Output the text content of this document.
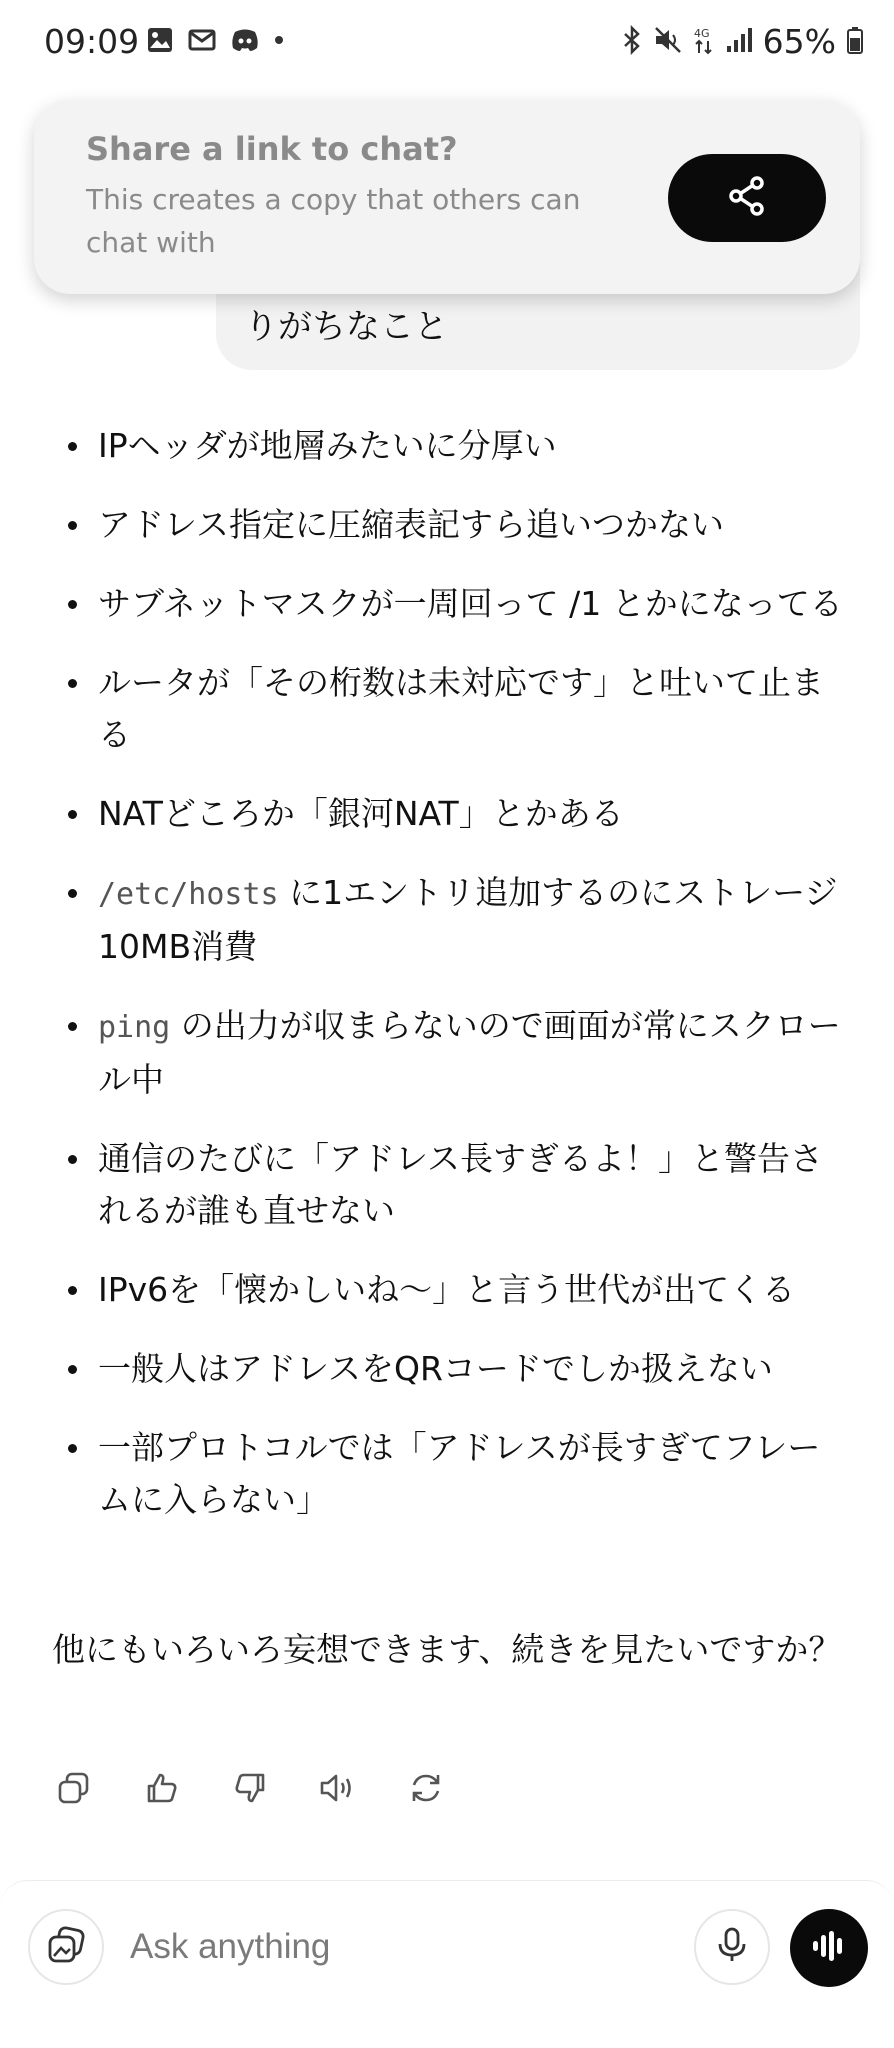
09:09	4G 65%
りがちなこと
Share a link to chat?
This creates a copy that others can chat with
IPヘッダが地層みたいに分厚い
アドレス指定に圧縮表記すら追いつかない
サブネットマスクが一周回って /1 とかになってる
ルータが「その桁数は未対応です」と吐いて止まる
NATどころか「銀河NAT」とかある
/etc/hosts に1エントリ追加するのにストレージ10MB消費
ping の出力が収まらないので画面が常にスクロール中
通信のたびに「アドレス長すぎるよ！」と警告されるが誰も直せない
IPv6を「懐かしいね〜」と言う世代が出てくる
一般人はアドレスをQRコードでしか扱えない
一部プロトコルでは「アドレスが長すぎてフレームに入らない」

他にもいろいろ妄想できます、続きを見たいですか？

Ask anything
